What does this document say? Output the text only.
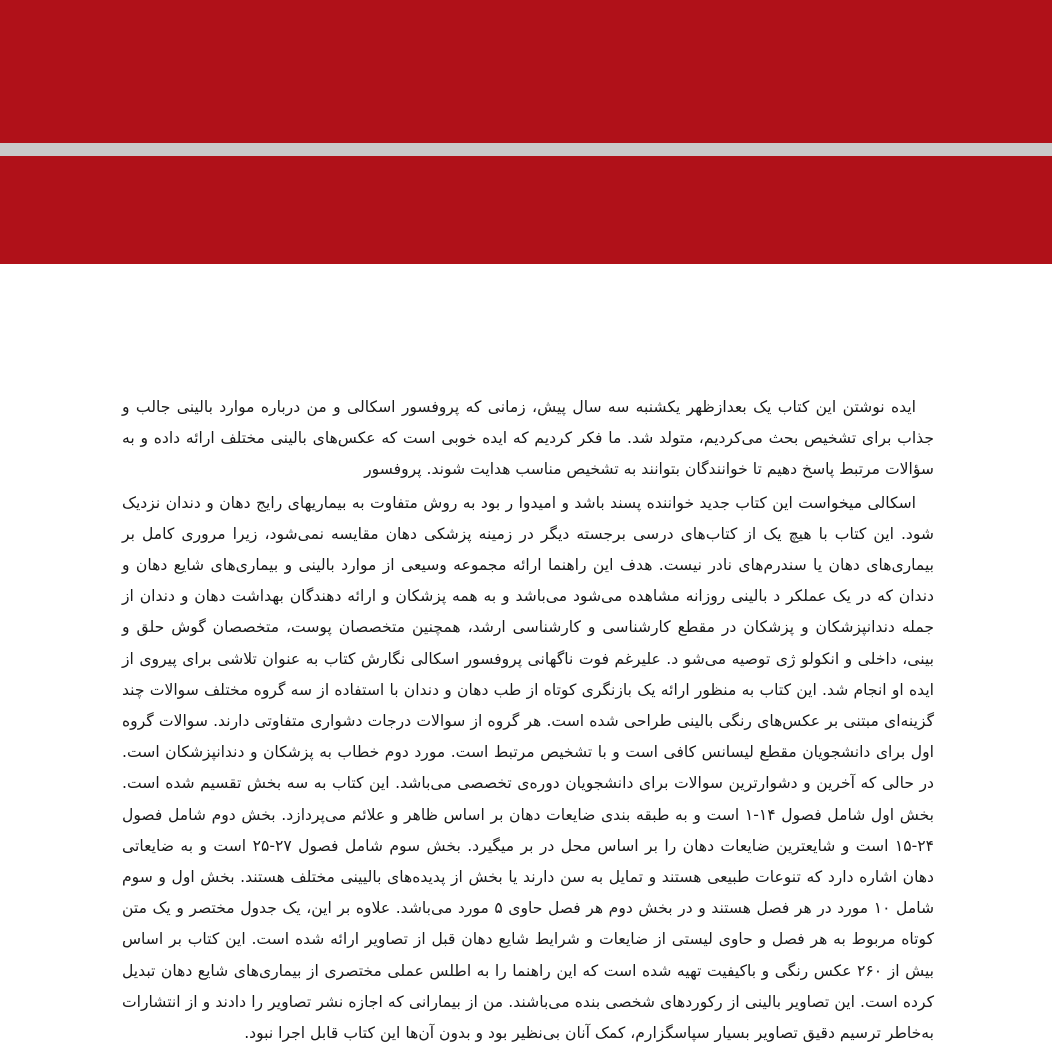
پیشگفتار مؤلف

ایده نوشتن این کتاب یک بعدازظهر یکشنبه سه سال پیش، زمانی که پروفسور اسکالی و من درباره موارد بالینی جالب و جذاب برای تشخیص بحث می‌کردیم، متولد شد. ما فکر کردیم که ایده خوبی است که عکس‌های بالینی مختلف ارائه داده و به سؤالات مرتبط پاسخ دهیم تا خوانندگان بتوانند به تشخیص مناسب هدایت شوند. پروفسور

اسکالی میخواست این کتاب جدید خواننده پسند باشد و امیدوا ر بود به روش متفاوت به بیماریهای رایج دهان و دندان نزدیک شود. این کتاب با هیچ یک از کتاب‌های درسی برجسته دیگر در زمینه پزشکی دهان مقایسه نمی‌شود، زیرا مروری کامل بر بیماری‌های دهان یا سندرم‌های نادر نیست. هدف این راهنما ارائه مجموعه وسیعی از موارد بالینی و بیماری‌های شایع دهان و دندان که در یک عملکر د بالینی روزانه مشاهده می‌شود می‌باشد و به همه پزشکان و ارائه دهندگان بهداشت دهان و دندان از جمله دندانپزشکان و پزشکان در مقطع کارشناسی و کارشناسی ارشد، همچنین متخصصان پوست، متخصصان گوش حلق و بینی، داخلی و انکولو ژی توصیه می‌شو د. علیرغم فوت ناگهانی پروفسور اسکالی نگارش کتاب به عنوان تلاشی برای پیروی از ایده او انجام شد. این کتاب به منظور ارائه یک بازنگری کوتاه از طب دهان و دندان با استفاده از سه گروه مختلف سوالات چند گزینه‌ای مبتنی بر عکس‌های رنگی بالینی طراحی شده است. هر گروه از سوالات درجات دشواری متفاوتی دارند. سوالات گروه اول برای دانشجویان مقطع لیسانس کافی است و با تشخیص مرتبط است. مورد دوم خطاب به پزشکان و دندانپزشکان است. در حالی که آخرین و دشوارترین سوالات برای دانشجویان دوره‌ی تخصصی می‌باشد. این کتاب به سه بخش تقسیم شده است. بخش اول شامل فصول ۱۴-۱ است و به طبقه بندی ضایعات دهان بر اساس ظاهر و علائم می‌پردازد. بخش دوم شامل فصول ۲۴-۱۵ است و شایعترین ضایعات دهان را بر اساس محل در بر میگیرد. بخش سوم شامل فصول ۲۷-۲۵ است و به ضایعاتی دهان اشاره دارد که تنوعات طبیعی هستند و تمایل به سن دارند یا بخش از پدیده‌های بالیینی مختلف هستند. بخش اول و سوم شامل ۱۰ مورد در هر فصل هستند و در بخش دوم هر فصل حاوی ۵ مورد می‌باشد. علاوه بر این، یک جدول مختصر و یک متن کوتاه مربوط به هر فصل و حاوی لیستی از ضایعات و شرایط شایع دهان قبل از تصاویر ارائه شده است. این کتاب بر اساس بیش از ۲۶۰ عکس رنگی و باکیفیت تهیه شده است که این راهنما را به اطلس عملی مختصری از بیماری‌های شایع دهان تبدیل کرده است. این تصاویر بالینی از رکوردهای شخصی بنده می‌باشند. من از بیمارانی که اجازه نشر تصاویر را دادند و از انتشارات به‌خاطر ترسیم دقیق تصاویر بسیار سپاسگزارم، کمک آنان بی‌نظیر بود و بدون آن‌ها این کتاب قابل اجرا نبود.
